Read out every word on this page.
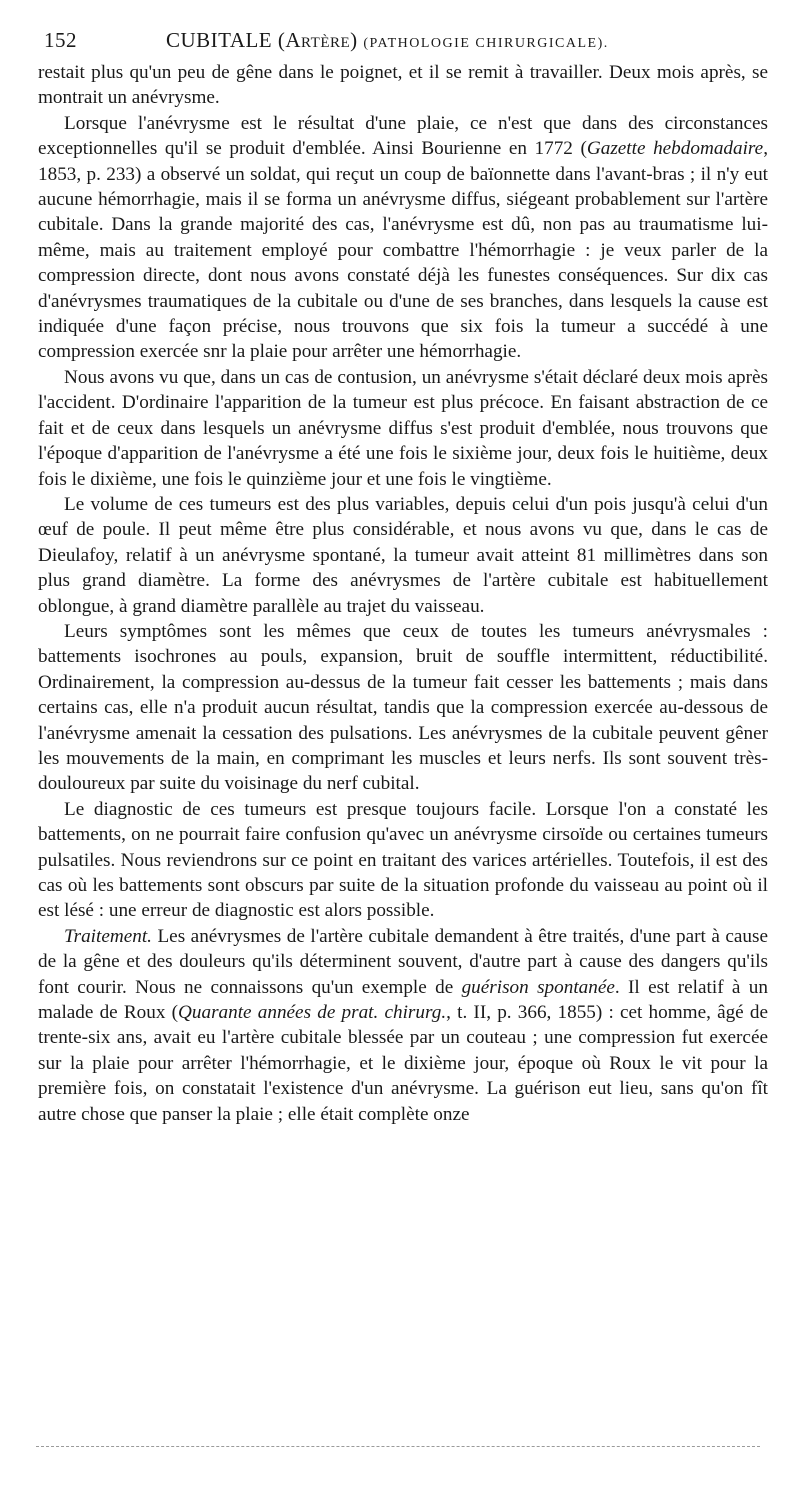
152	CUBITALE (Artère) (PATHOLOGIE CHIRURGICALE).

restait plus qu'un peu de gêne dans le poignet, et il se remit à travailler. Deux mois après, se montrait un anévrysme.

Lorsque l'anévrysme est le résultat d'une plaie, ce n'est que dans des circonstances exceptionnelles qu'il se produit d'emblée. Ainsi Bourienne en 1772 (Gazette hebdomadaire, 1853, p. 233) a observé un soldat, qui reçut un coup de baïonnette dans l'avant-bras ; il n'y eut aucune hémorrhagie, mais il se forma un anévrysme diffus, siégeant probablement sur l'artère cubitale. Dans la grande majorité des cas, l'anévrysme est dû, non pas au traumatisme lui-même, mais au traitement employé pour combattre l'hémorrhagie : je veux parler de la compression directe, dont nous avons constaté déjà les funestes conséquences. Sur dix cas d'anévrysmes traumatiques de la cubitale ou d'une de ses branches, dans lesquels la cause est indiquée d'une façon précise, nous trouvons que six fois la tumeur a succédé à une compression exercée snr la plaie pour arrêter une hémorrhagie.

Nous avons vu que, dans un cas de contusion, un anévrysme s'était déclaré deux mois après l'accident. D'ordinaire l'apparition de la tumeur est plus précoce. En faisant abstraction de ce fait et de ceux dans lesquels un anévrysme diffus s'est produit d'emblée, nous trouvons que l'époque d'apparition de l'anévrysme a été une fois le sixième jour, deux fois le huitième, deux fois le dixième, une fois le quinzième jour et une fois le vingtième.

Le volume de ces tumeurs est des plus variables, depuis celui d'un pois jusqu'à celui d'un œuf de poule. Il peut même être plus considérable, et nous avons vu que, dans le cas de Dieulafoy, relatif à un anévrysme spontané, la tumeur avait atteint 81 millimètres dans son plus grand diamètre. La forme des anévrysmes de l'artère cubitale est habituellement oblongue, à grand diamètre parallèle au trajet du vaisseau.

Leurs symptômes sont les mêmes que ceux de toutes les tumeurs anévrysmales : battements isochrones au pouls, expansion, bruit de souffle intermittent, réductibilité. Ordinairement, la compression au-dessus de la tumeur fait cesser les battements ; mais dans certains cas, elle n'a produit aucun résultat, tandis que la compression exercée au-dessous de l'anévrysme amenait la cessation des pulsations. Les anévrysmes de la cubitale peuvent gêner les mouvements de la main, en comprimant les muscles et leurs nerfs. Ils sont souvent très-douloureux par suite du voisinage du nerf cubital.

Le diagnostic de ces tumeurs est presque toujours facile. Lorsque l'on a constaté les battements, on ne pourrait faire confusion qu'avec un anévrysme cirsoïde ou certaines tumeurs pulsatiles. Nous reviendrons sur ce point en traitant des varices artérielles. Toutefois, il est des cas où les battements sont obscurs par suite de la situation profonde du vaisseau au point où il est lésé : une erreur de diagnostic est alors possible.

Traitement. Les anévrysmes de l'artère cubitale demandent à être traités, d'une part à cause de la gêne et des douleurs qu'ils déterminent souvent, d'autre part à cause des dangers qu'ils font courir. Nous ne connaissons qu'un exemple de guérison spontanée. Il est relatif à un malade de Roux (Quarante années de prat. chirurg., t. II, p. 366, 1855) : cet homme, âgé de trente-six ans, avait eu l'artère cubitale blessée par un couteau ; une compression fut exercée sur la plaie pour arrêter l'hémorrhagie, et le dixième jour, époque où Roux le vit pour la première fois, on constatait l'existence d'un anévrysme. La guérison eut lieu, sans qu'on fît autre chose que panser la plaie ; elle était complète onze
